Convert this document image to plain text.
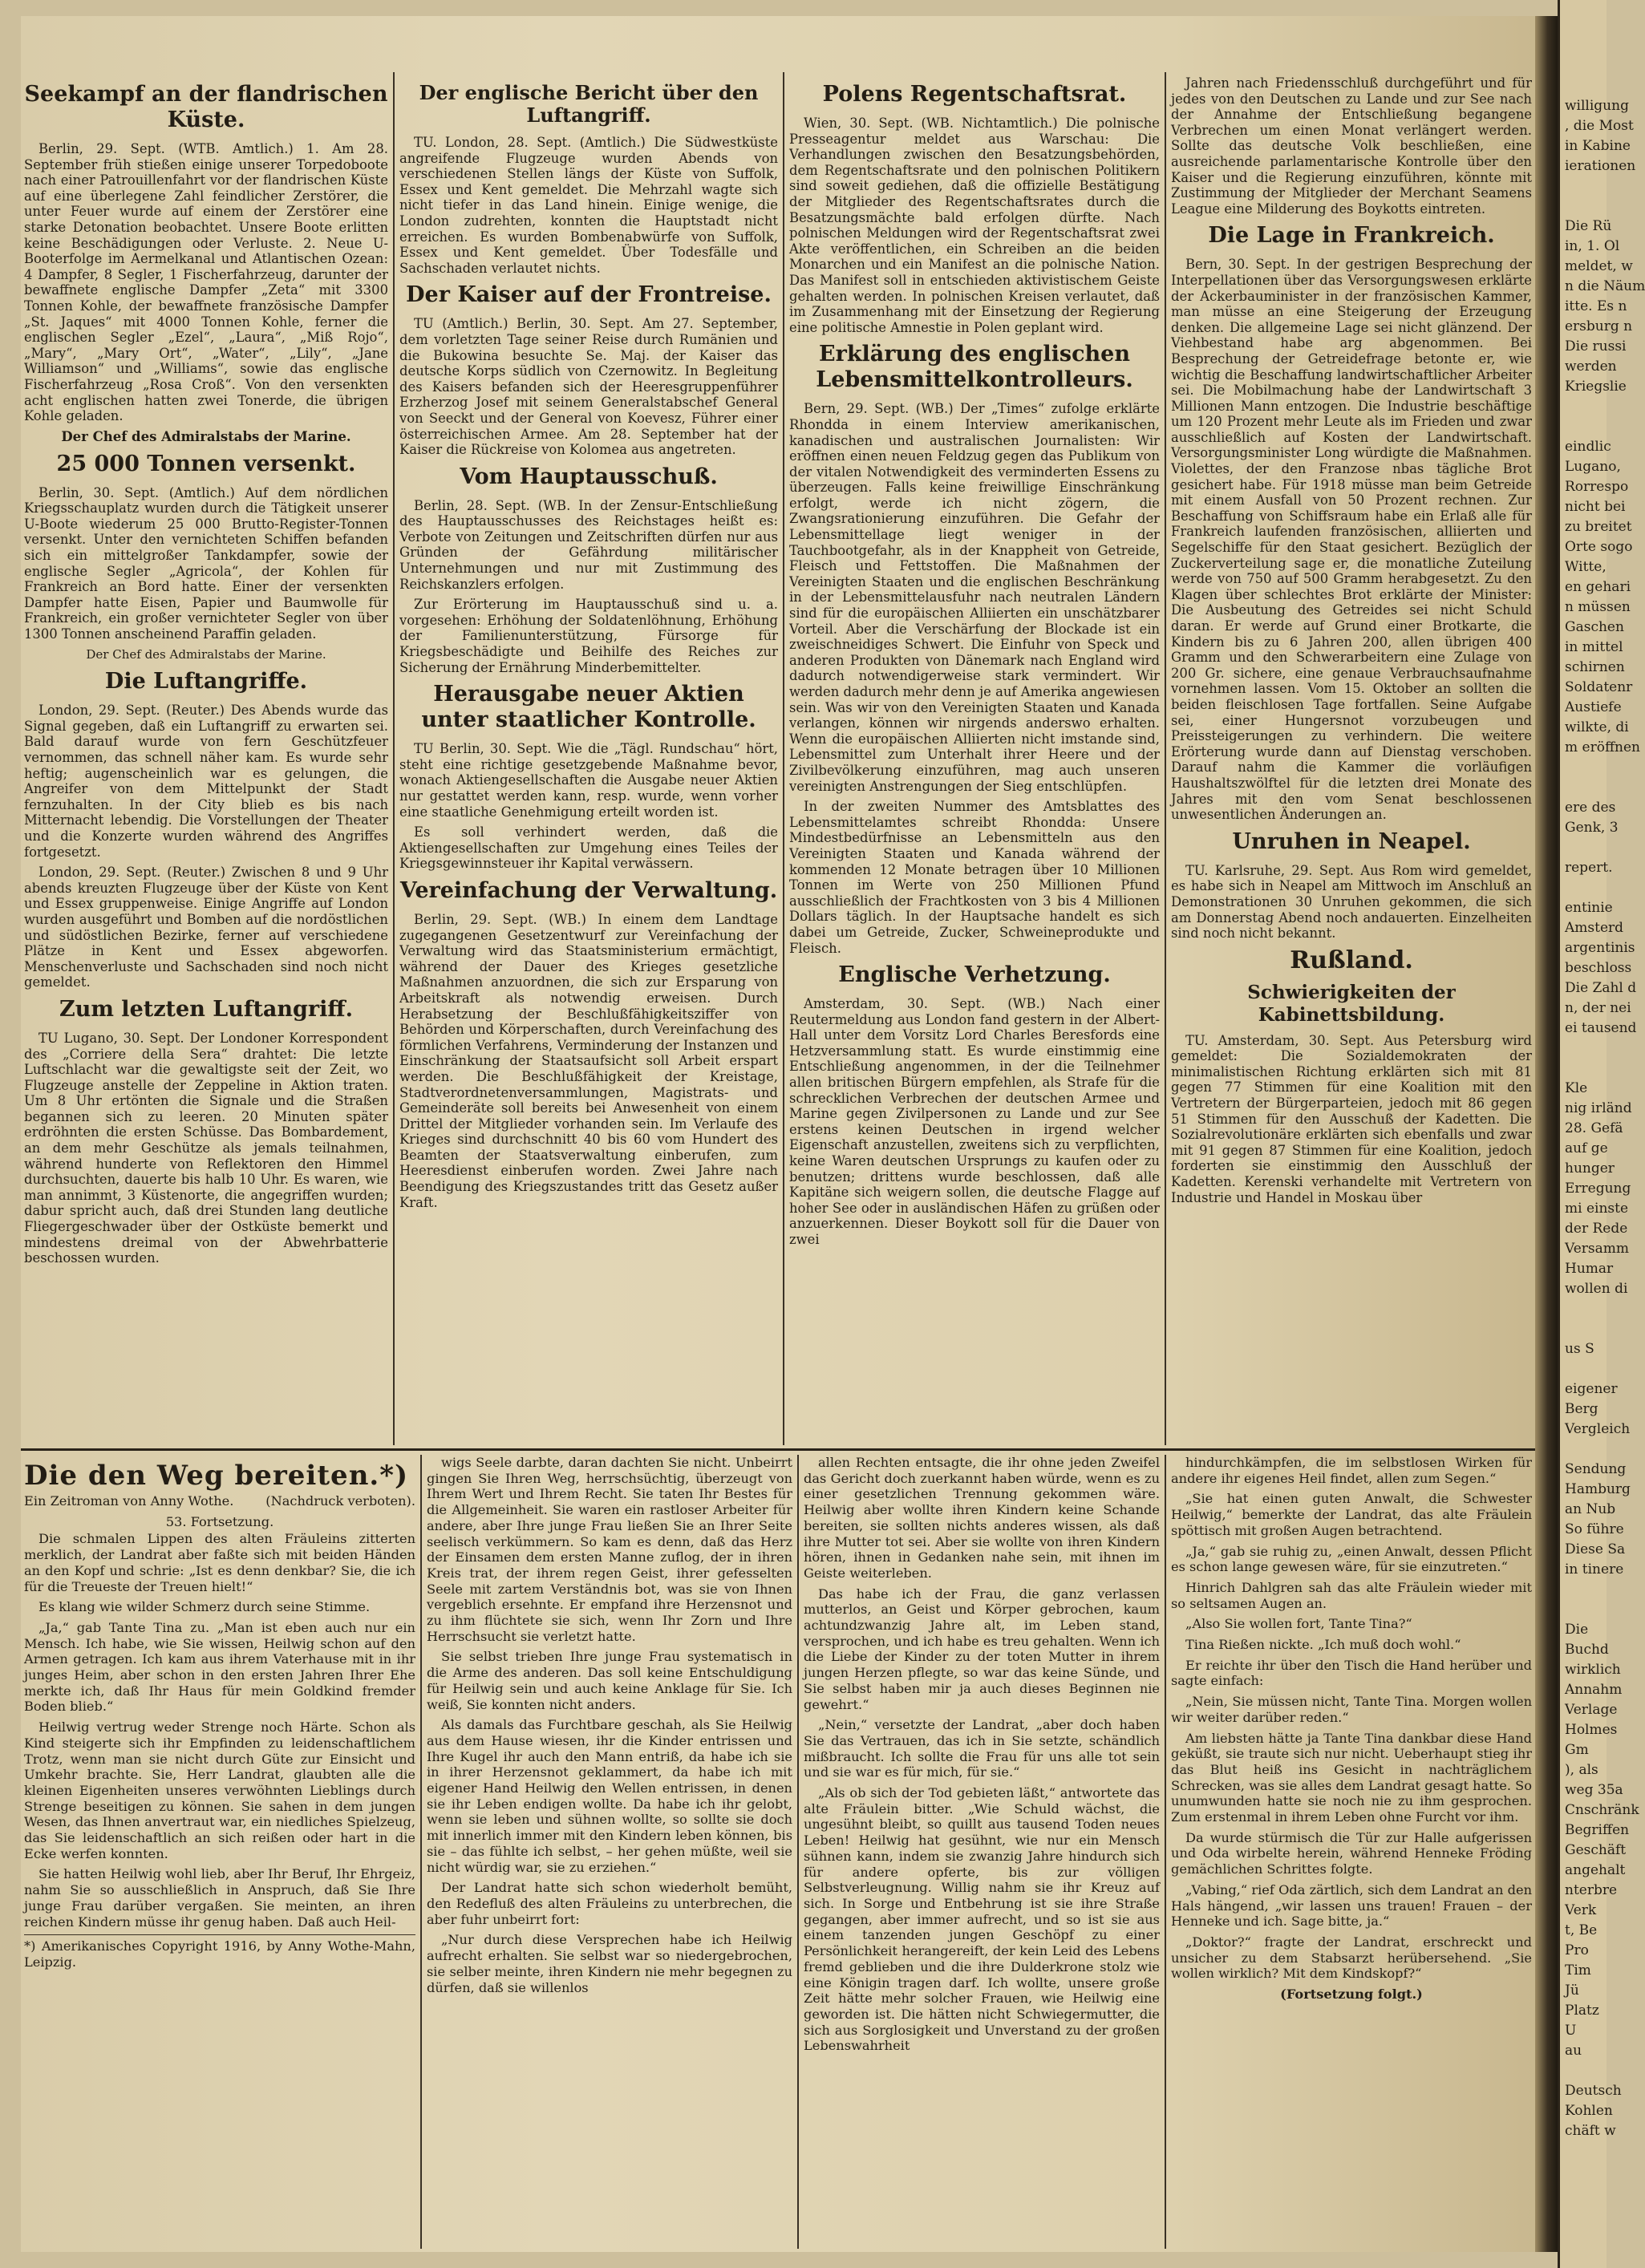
Seekampf an der flandrischen Küste.

Berlin, 29. Sept. (WTB. Amtlich.) 1. Am 28. September früh stießen einige unserer Torpedoboote nach einer Patrouillenfahrt vor der flandrischen Küste auf eine überlegene Zahl feindlicher Zerstörer, die unter Feuer wurde auf einem der Zerstörer eine starke Detonation beobachtet. Unsere Boote erlitten keine Beschädigungen oder Verluste. 2. Neue U-Booterfolge im Aermelkanal und Atlantischen Ozean: 4 Dampfer, 8 Segler, 1 Fischerfahrzeug, darunter der bewaffnete englische Dampfer „Zeta“ mit 3300 Tonnen Kohle, der bewaffnete französische Dampfer „St. Jaques“ mit 4000 Tonnen Kohle, ferner die englischen Segler „Ezel“, „Laura“, „Miß Rojo“, „Mary“, „Mary Ort“, „Water“, „Lily“, „Jane Williamson“ und „Williams“, sowie das englische Fischerfahrzeug „Rosa Croß“. Von den versenkten acht englischen hatten zwei Tonerde, die übrigen Kohle geladen.

Der Chef des Admiralstabs der Marine.

25 000 Tonnen versenkt.

Berlin, 30. Sept. (Amtlich.) Auf dem nördlichen Kriegsschauplatz wurden durch die Tätigkeit unserer U-Boote wiederum 25 000 Brutto-Register-Tonnen versenkt. Unter den vernichteten Schiffen befanden sich ein mittelgroßer Tankdampfer, sowie der englische Segler „Agricola“, der Kohlen für Frankreich an Bord hatte. Einer der versenkten Dampfer hatte Eisen, Papier und Baumwolle für Frankreich, ein großer vernichteter Segler von über 1300 Tonnen anscheinend Paraffin geladen.

Der Chef des Admiralstabs der Marine.

Die Luftangriffe.

London, 29. Sept. (Reuter.) Des Abends wurde das Signal gegeben, daß ein Luftangriff zu erwarten sei. Bald darauf wurde von fern Geschützfeuer vernommen, das schnell näher kam. Es wurde sehr heftig; augenscheinlich war es gelungen, die Angreifer von dem Mittelpunkt der Stadt fernzuhalten. In der City blieb es bis nach Mitternacht lebendig. Die Vorstellungen der Theater und die Konzerte wurden während des Angriffes fortgesetzt.

London, 29. Sept. (Reuter.) Zwischen 8 und 9 Uhr abends kreuzten Flugzeuge über der Küste von Kent und Essex gruppenweise. Einige Angriffe auf London wurden ausgeführt und Bomben auf die nordöstlichen und südöstlichen Bezirke, ferner auf verschiedene Plätze in Kent und Essex abgeworfen. Menschenverluste und Sachschaden sind noch nicht gemeldet.

Zum letzten Luftangriff.

TU Lugano, 30. Sept. Der Londoner Korrespondent des „Corriere della Sera“ drahtet: Die letzte Luftschlacht war die gewaltigste seit der Zeit, wo Flugzeuge anstelle der Zeppeline in Aktion traten. Um 8 Uhr ertönten die Signale und die Straßen begannen sich zu leeren. 20 Minuten später erdröhnten die ersten Schüsse. Das Bombardement, an dem mehr Geschütze als jemals teilnahmen, während hunderte von Reflektoren den Himmel durchsuchten, dauerte bis halb 10 Uhr. Es waren, wie man annimmt, 3 Küstenorte, die angegriffen wurden; dabur spricht auch, daß drei Stunden lang deutliche Fliegergeschwader über der Ostküste bemerkt und mindestens dreimal von der Abwehrbatterie beschossen wurden.

Der englische Bericht über den Luftangriff.

TU. London, 28. Sept. (Amtlich.) Die Südwestküste angreifende Flugzeuge wurden Abends von verschiedenen Stellen längs der Küste von Suffolk, Essex und Kent gemeldet. Die Mehrzahl wagte sich nicht tiefer in das Land hinein. Einige wenige, die London zudrehten, konnten die Hauptstadt nicht erreichen. Es wurden Bombenabwürfe von Suffolk, Essex und Kent gemeldet. Über Todesfälle und Sachschaden verlautet nichts.

Der Kaiser auf der Frontreise.

TU (Amtlich.) Berlin, 30. Sept. Am 27. September, dem vorletzten Tage seiner Reise durch Rumänien und die Bukowina besuchte Se. Maj. der Kaiser das deutsche Korps südlich von Czernowitz. In Begleitung des Kaisers befanden sich der Heeresgruppenführer Erzherzog Josef mit seinem Generalstabschef General von Seeckt und der General von Koevesz, Führer einer österreichischen Armee. Am 28. September hat der Kaiser die Rückreise von Kolomea aus angetreten.

Vom Hauptausschuß.

Berlin, 28. Sept. (WB. In der Zensur-Entschließung des Hauptausschusses des Reichstages heißt es: Verbote von Zeitungen und Zeitschriften dürfen nur aus Gründen der Gefährdung militärischer Unternehmungen und nur mit Zustimmung des Reichskanzlers erfolgen.

Zur Erörterung im Hauptausschuß sind u. a. vorgesehen: Erhöhung der Soldatenlöhnung, Erhöhung der Familienunterstützung, Fürsorge für Kriegsbeschädigte und Beihilfe des Reiches zur Sicherung der Ernährung Minderbemittelter.

Herausgabe neuer Aktien unter staatlicher Kontrolle.

TU Berlin, 30. Sept. Wie die „Tägl. Rundschau“ hört, steht eine richtige gesetzgebende Maßnahme bevor, wonach Aktiengesellschaften die Ausgabe neuer Aktien nur gestattet werden kann, resp. wurde, wenn vorher eine staatliche Genehmigung erteilt worden ist.

Es soll verhindert werden, daß die Aktiengesellschaften zur Umgehung eines Teiles der Kriegsgewinnsteuer ihr Kapital verwässern.

Vereinfachung der Verwaltung.

Berlin, 29. Sept. (WB.) In einem dem Landtage zugegangenen Gesetzentwurf zur Vereinfachung der Verwaltung wird das Staatsministerium ermächtigt, während der Dauer des Krieges gesetzliche Maßnahmen anzuordnen, die sich zur Ersparung von Arbeitskraft als notwendig erweisen. Durch Herabsetzung der Beschlußfähigkeitsziffer von Behörden und Körperschaften, durch Vereinfachung des förmlichen Verfahrens, Verminderung der Instanzen und Einschränkung der Staatsaufsicht soll Arbeit erspart werden. Die Beschlußfähigkeit der Kreistage, Stadtverordnetenversammlungen, Magistrats- und Gemeinderäte soll bereits bei Anwesenheit von einem Drittel der Mitglieder vorhanden sein. Im Verlaufe des Krieges sind durchschnitt 40 bis 60 vom Hundert des Beamten der Staatsverwaltung einberufen, zum Heeresdienst einberufen worden. Zwei Jahre nach Beendigung des Kriegszustandes tritt das Gesetz außer Kraft.

Polens Regentschaftsrat.

Wien, 30. Sept. (WB. Nichtamtlich.) Die polnische Presseagentur meldet aus Warschau: Die Verhandlungen zwischen den Besatzungsbehörden, dem Regentschaftsrate und den polnischen Politikern sind soweit gediehen, daß die offizielle Bestätigung der Mitglieder des Regentschaftsrates durch die Besatzungsmächte bald erfolgen dürfte. Nach polnischen Meldungen wird der Regentschaftsrat zwei Akte veröffentlichen, ein Schreiben an die beiden Monarchen und ein Manifest an die polnische Nation. Das Manifest soll in entschieden aktivistischem Geiste gehalten werden. In polnischen Kreisen verlautet, daß im Zusammenhang mit der Einsetzung der Regierung eine politische Amnestie in Polen geplant wird.

Erklärung des englischen Lebensmittelkontrolleurs.

Bern, 29. Sept. (WB.) Der „Times“ zufolge erklärte Rhondda in einem Interview amerikanischen, kanadischen und australischen Journalisten: Wir eröffnen einen neuen Feldzug gegen das Publikum von der vitalen Notwendigkeit des verminderten Essens zu überzeugen. Falls keine freiwillige Einschränkung erfolgt, werde ich nicht zögern, die Zwangsrationierung einzuführen. Die Gefahr der Lebensmittellage liegt weniger in der Tauchbootgefahr, als in der Knappheit von Getreide, Fleisch und Fettstoffen. Die Maßnahmen der Vereinigten Staaten und die englischen Beschränkung in der Lebensmittelausfuhr nach neutralen Ländern sind für die europäischen Alliierten ein unschätzbarer Vorteil. Aber die Verschärfung der Blockade ist ein zweischneidiges Schwert. Die Einfuhr von Speck und anderen Produkten von Dänemark nach England wird dadurch notwendigerweise stark vermindert. Wir werden dadurch mehr denn je auf Amerika angewiesen sein. Was wir von den Vereinigten Staaten und Kanada verlangen, können wir nirgends anderswo erhalten. Wenn die europäischen Alliierten nicht imstande sind, Lebensmittel zum Unterhalt ihrer Heere und der Zivilbevölkerung einzuführen, mag auch unseren vereinigten Anstrengungen der Sieg entschlüpfen.

In der zweiten Nummer des Amtsblattes des Lebensmittelamtes schreibt Rhondda: Unsere Mindestbedürfnisse an Lebensmitteln aus den Vereinigten Staaten und Kanada während der kommenden 12 Monate betragen über 10 Millionen Tonnen im Werte von 250 Millionen Pfund ausschließlich der Frachtkosten von 3 bis 4 Millionen Dollars täglich. In der Hauptsache handelt es sich dabei um Getreide, Zucker, Schweineprodukte und Fleisch.

Englische Verhetzung.

Amsterdam, 30. Sept. (WB.) Nach einer Reutermeldung aus London fand gestern in der Albert-Hall unter dem Vorsitz Lord Charles Beresfords eine Hetzversammlung statt. Es wurde einstimmig eine Entschließung angenommen, in der die Teilnehmer allen britischen Bürgern empfehlen, als Strafe für die schrecklichen Verbrechen der deutschen Armee und Marine gegen Zivilpersonen zu Lande und zur See erstens keinen Deutschen in irgend welcher Eigenschaft anzustellen, zweitens sich zu verpflichten, keine Waren deutschen Ursprungs zu kaufen oder zu benutzen; drittens wurde beschlossen, daß alle Kapitäne sich weigern sollen, die deutsche Flagge auf hoher See oder in ausländischen Häfen zu grüßen oder anzuerkennen. Dieser Boykott soll für die Dauer von zwei

Jahren nach Friedensschluß durchgeführt und für jedes von den Deutschen zu Lande und zur See nach der Annahme der Entschließung begangene Verbrechen um einen Monat verlängert werden. Sollte das deutsche Volk beschließen, eine ausreichende parlamentarische Kontrolle über den Kaiser und die Regierung einzuführen, könnte mit Zustimmung der Mitglieder der Merchant Seamens League eine Milderung des Boykotts eintreten.

Die Lage in Frankreich.

Bern, 30. Sept. In der gestrigen Besprechung der Interpellationen über das Versorgungswesen erklärte der Ackerbauminister in der französischen Kammer, man müsse an eine Steigerung der Erzeugung denken. Die allgemeine Lage sei nicht glänzend. Der Viehbestand habe arg abgenommen. Bei Besprechung der Getreidefrage betonte er, wie wichtig die Beschaffung landwirtschaftlicher Arbeiter sei. Die Mobilmachung habe der Landwirtschaft 3 Millionen Mann entzogen. Die Industrie beschäftige um 120 Prozent mehr Leute als im Frieden und zwar ausschließlich auf Kosten der Landwirtschaft. Versorgungsminister Long würdigte die Maßnahmen. Violettes, der den Franzose nbas tägliche Brot gesichert habe. Für 1918 müsse man beim Getreide mit einem Ausfall von 50 Prozent rechnen. Zur Beschaffung von Schiffsraum habe ein Erlaß alle für Frankreich laufenden französischen, alliierten und Segelschiffe für den Staat gesichert. Bezüglich der Zuckerverteilung sage er, die monatliche Zuteilung werde von 750 auf 500 Gramm herabgesetzt. Zu den Klagen über schlechtes Brot erklärte der Minister: Die Ausbeutung des Getreides sei nicht Schuld daran. Er werde auf Grund einer Brotkarte, die Kindern bis zu 6 Jahren 200, allen übrigen 400 Gramm und den Schwerarbeitern eine Zulage von 200 Gr. sichere, eine genaue Verbrauchsaufnahme vornehmen lassen. Vom 15. Oktober an sollten die beiden fleischlosen Tage fortfallen. Seine Aufgabe sei, einer Hungersnot vorzubeugen und Preissteigerungen zu verhindern. Die weitere Erörterung wurde dann auf Dienstag verschoben. Darauf nahm die Kammer die vorläufigen Haushaltszwölftel für die letzten drei Monate des Jahres mit den vom Senat beschlossenen unwesentlichen Änderungen an.

Unruhen in Neapel.

TU. Karlsruhe, 29. Sept. Aus Rom wird gemeldet, es habe sich in Neapel am Mittwoch im Anschluß an Demonstrationen 30 Unruhen gekommen, die sich am Donnerstag Abend noch andauerten. Einzelheiten sind noch nicht bekannt.

Rußland.
Schwierigkeiten der Kabinettsbildung.

TU. Amsterdam, 30. Sept. Aus Petersburg wird gemeldet: Die Sozialdemokraten der minimalistischen Richtung erklärten sich mit 81 gegen 77 Stimmen für eine Koalition mit den Vertretern der Bürgerparteien, jedoch mit 86 gegen 51 Stimmen für den Ausschuß der Kadetten. Die Sozialrevolutionäre erklärten sich ebenfalls und zwar mit 91 gegen 87 Stimmen für eine Koalition, jedoch forderten sie einstimmig den Ausschluß der Kadetten. Kerenski verhandelte mit Vertretern von Industrie und Handel in Moskau über

Die den Weg bereiten.*)

Ein Zeitroman von Anny Wothe. (Nachdruck verboten).

53. Fortsetzung.

Die schmalen Lippen des alten Fräuleins zitterten merklich, der Landrat aber faßte sich mit beiden Händen an den Kopf und schrie: „Ist es denn denkbar? Sie, die ich für die Treueste der Treuen hielt!“

Es klang wie wilder Schmerz durch seine Stimme.

„Ja,“ gab Tante Tina zu. „Man ist eben auch nur ein Mensch. Ich habe, wie Sie wissen, Heilwig schon auf den Armen getragen. Ich kam aus ihrem Vaterhause mit in ihr junges Heim, aber schon in den ersten Jahren Ihrer Ehe merkte ich, daß Ihr Haus für mein Goldkind fremder Boden blieb.“

Heilwig vertrug weder Strenge noch Härte. Schon als Kind steigerte sich ihr Empfinden zu leidenschaftlichem Trotz, wenn man sie nicht durch Güte zur Einsicht und Umkehr brachte. Sie, Herr Landrat, glaubten alle die kleinen Eigenheiten unseres verwöhnten Lieblings durch Strenge beseitigen zu können. Sie sahen in dem jungen Wesen, das Ihnen anvertraut war, ein niedliches Spielzeug, das Sie leidenschaftlich an sich reißen oder hart in die Ecke werfen konnten.

Sie hatten Heilwig wohl lieb, aber Ihr Beruf, Ihr Ehrgeiz, nahm Sie so ausschließlich in Anspruch, daß Sie Ihre junge Frau darüber vergaßen. Sie meinten, an ihren reichen Kindern müsse ihr genug haben. Daß auch Heil-

*) Amerikanisches Copyright 1916, by Anny Wothe-Mahn, Leipzig.

wigs Seele darbte, daran dachten Sie nicht. Unbeirrt gingen Sie Ihren Weg, herrschsüchtig, überzeugt von Ihrem Wert und Ihrem Recht. Sie taten Ihr Bestes für die Allgemeinheit. Sie waren ein rastloser Arbeiter für andere, aber Ihre junge Frau ließen Sie an Ihrer Seite seelisch verkümmern. So kam es denn, daß das Herz der Einsamen dem ersten Manne zuflog, der in ihren Kreis trat, der ihrem regen Geist, ihrer gefesselten Seele mit zartem Verständnis bot, was sie von Ihnen vergeblich ersehnte. Er empfand ihre Herzensnot und zu ihm flüchtete sie sich, wenn Ihr Zorn und Ihre Herrschsucht sie verletzt hatte.

Sie selbst trieben Ihre junge Frau systematisch in die Arme des anderen. Das soll keine Entschuldigung für Heilwig sein und auch keine Anklage für Sie. Ich weiß, Sie konnten nicht anders.

Als damals das Furchtbare geschah, als Sie Heilwig aus dem Hause wiesen, ihr die Kinder entrissen und Ihre Kugel ihr auch den Mann entriß, da habe ich sie in ihrer Herzensnot geklammert, da habe ich mit eigener Hand Heilwig den Wellen entrissen, in denen sie ihr Leben endigen wollte. Da habe ich ihr gelobt, wenn sie leben und sühnen wollte, so sollte sie doch mit innerlich immer mit den Kindern leben können, bis sie – das fühlte ich selbst, – her gehen müßte, weil sie nicht würdig war, sie zu erziehen.“

Der Landrat hatte sich schon wiederholt bemüht, den Redefluß des alten Fräuleins zu unterbrechen, die aber fuhr unbeirrt fort:

„Nur durch diese Versprechen habe ich Heilwig aufrecht erhalten. Sie selbst war so niedergebrochen, sie selber meinte, ihren Kindern nie mehr begegnen zu dürfen, daß sie willenlos

allen Rechten entsagte, die ihr ohne jeden Zweifel das Gericht doch zuerkannt haben würde, wenn es zu einer gesetzlichen Trennung gekommen wäre. Heilwig aber wollte ihren Kindern keine Schande bereiten, sie sollten nichts anderes wissen, als daß ihre Mutter tot sei. Aber sie wollte von ihren Kindern hören, ihnen in Gedanken nahe sein, mit ihnen im Geiste weiterleben.

Das habe ich der Frau, die ganz verlassen mutterlos, an Geist und Körper gebrochen, kaum achtundzwanzig Jahre alt, im Leben stand, versprochen, und ich habe es treu gehalten. Wenn ich die Liebe der Kinder zu der toten Mutter in ihrem jungen Herzen pflegte, so war das keine Sünde, und Sie selbst haben mir ja auch dieses Beginnen nie gewehrt.“

„Nein,“ versetzte der Landrat, „aber doch haben Sie das Vertrauen, das ich in Sie setzte, schändlich mißbraucht. Ich sollte die Frau für uns alle tot sein und sie war es für mich, für sie.“

„Als ob sich der Tod gebieten läßt,“ antwortete das alte Fräulein bitter. „Wie Schuld wächst, die ungesühnt bleibt, so quillt aus tausend Toden neues Leben! Heilwig hat gesühnt, wie nur ein Mensch sühnen kann, indem sie zwanzig Jahre hindurch sich für andere opferte, bis zur völligen Selbstverleugnung. Willig nahm sie ihr Kreuz auf sich. In Sorge und Entbehrung ist sie ihre Straße gegangen, aber immer aufrecht, und so ist sie aus einem tanzenden jungen Geschöpf zu einer Persönlichkeit herangereift, der kein Leid des Lebens fremd geblieben und die ihre Dulderkrone stolz wie eine Königin tragen darf. Ich wollte, unsere große Zeit hätte mehr solcher Frauen, wie Heilwig eine geworden ist. Die hätten nicht Schwiegermutter, die sich aus Sorglosigkeit und Unverstand zu der großen Lebenswahrheit

hindurchkämpfen, die im selbstlosen Wirken für andere ihr eigenes Heil findet, allen zum Segen.“

„Sie hat einen guten Anwalt, die Schwester Heilwig,“ bemerkte der Landrat, das alte Fräulein spöttisch mit großen Augen betrachtend.

„Ja,“ gab sie ruhig zu, „einen Anwalt, dessen Pflicht es schon lange gewesen wäre, für sie einzutreten.“

Hinrich Dahlgren sah das alte Fräulein wieder mit so seltsamen Augen an.

„Also Sie wollen fort, Tante Tina?“

Tina Rießen nickte. „Ich muß doch wohl.“

Er reichte ihr über den Tisch die Hand herüber und sagte einfach:

„Nein, Sie müssen nicht, Tante Tina. Morgen wollen wir weiter darüber reden.“

Am liebsten hätte ja Tante Tina dankbar diese Hand geküßt, sie traute sich nur nicht. Ueberhaupt stieg ihr das Blut heiß ins Gesicht in nachträglichem Schrecken, was sie alles dem Landrat gesagt hatte. So unumwunden hatte sie noch nie zu ihm gesprochen. Zum erstenmal in ihrem Leben ohne Furcht vor ihm.

Da wurde stürmisch die Tür zur Halle aufgerissen und Oda wirbelte herein, während Henneke Fröding gemächlichen Schrittes folgte.

„Vabing,“ rief Oda zärtlich, sich dem Landrat an den Hals hängend, „wir lassen uns trauen! Frauen – der Henneke und ich. Sage bitte, ja.“

„Doktor?“ fragte der Landrat, erschreckt und unsicher zu dem Stabsarzt herübersehend. „Sie wollen wirklich? Mit dem Kindskopf?“

(Fortsetzung folgt.)

willigung
, die Most
in Kabine
ierationen

Die Rü
in, 1. Ol
meldet, w
n die Näum
itte. Es n
ersburg n
Die russi
werden
Kriegslie

eindlic
Lugano,
Rorrespo
nicht bei
zu breitet
Orte sogo
Witte,
en gehari
n müssen
Gaschen
in mittel
schirnen
Soldatenr
Austiefe
wilkte, di
m eröffnen

ere des
Genk, 3

repert.

entinie
Amsterd
argentinis
beschloss
Die Zahl d
n, der nei
ei tausend

Kle
nig irländ
28. Gefä
auf ge
hunger
Erregung
mi einste
der Rede
Versamm
Humar
wollen di

us S

eigener
Berg
Vergleich

Sendung
Hamburg
an Nub
So führe
Diese Sa
in tinere

Die
Buchd
wirklich
Annahm
Verlage
Holmes
Gm
), als
weg 35a
Cnschränk
Begriffen
Geschäft
angehalt
nterbre
Verk
t, Be
Pro
Tim
Jü
Platz
U
au

Deutsch
Kohlen
chäft w
